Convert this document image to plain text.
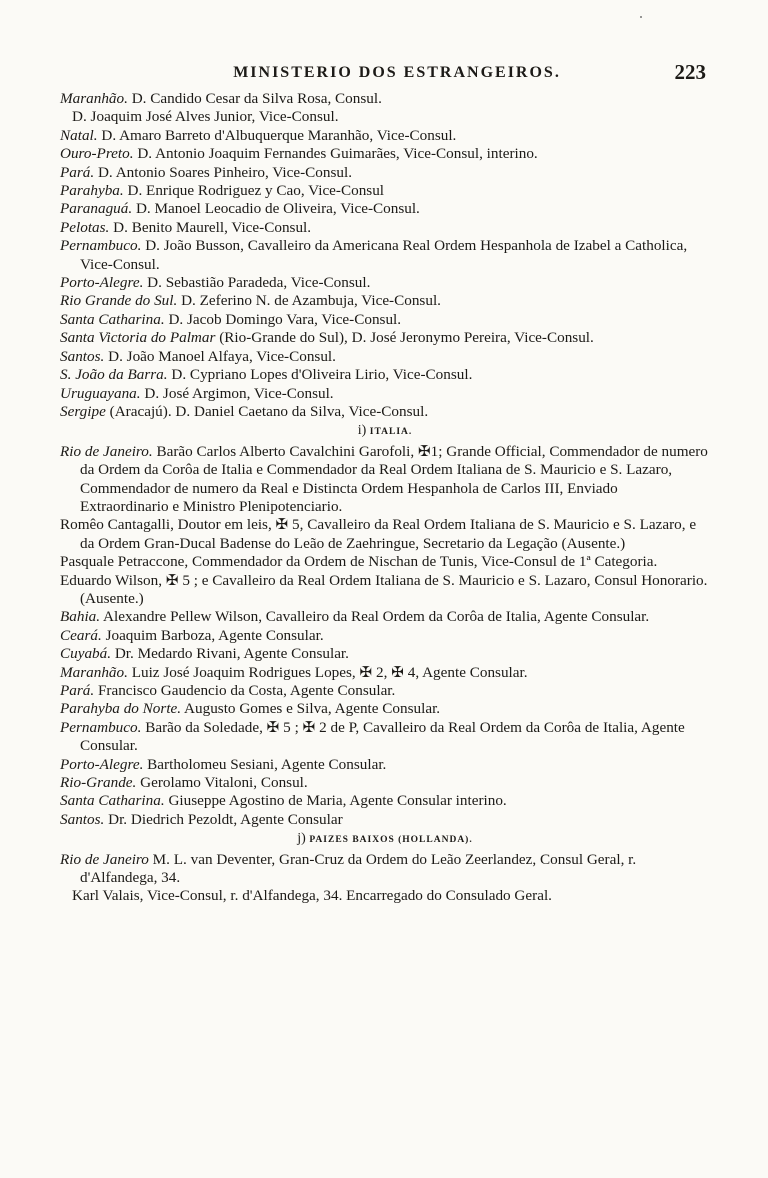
MINISTERIO DOS ESTRANGEIROS.	223

Maranhão. D. Candido Cesar da Silva Rosa, Consul.

D. Joaquim José Alves Junior, Vice-Consul.

Natal. D. Amaro Barreto d'Albuquerque Maranhão, Vice-Consul.

Ouro-Preto. D. Antonio Joaquim Fernandes Guimarães, Vice-Consul, interino.

Pará. D. Antonio Soares Pinheiro, Vice-Consul.

Parahyba. D. Enrique Rodriguez y Cao, Vice-Consul

Paranaguá. D. Manoel Leocadio de Oliveira, Vice-Consul.

Pelotas. D. Benito Maurell, Vice-Consul.

Pernambuco. D. João Busson, Cavalleiro da Americana Real Ordem Hespanhola de Izabel a Catholica, Vice-Consul.

Porto-Alegre. D. Sebastião Paradeda, Vice-Consul.

Rio Grande do Sul. D. Zeferino N. de Azambuja, Vice-Consul.

Santa Catharina. D. Jacob Domingo Vara, Vice-Consul.

Santa Victoria do Palmar (Rio-Grande do Sul), D. José Jeronymo Pereira, Vice-Consul.

Santos. D. João Manoel Alfaya, Vice-Consul.

S. João da Barra. D. Cypriano Lopes d'Oliveira Lirio, Vice-Consul.

Uruguayana. D. José Argimon, Vice-Consul.

Sergipe (Aracajú). D. Daniel Caetano da Silva, Vice-Consul.

i) ITALIA.

Rio de Janeiro. Barão Carlos Alberto Cavalchini Garofoli, ✠1; Grande Official, Commendador de numero da Ordem da Corôa de Italia e Commendador da Real Ordem Italiana de S. Mauricio e S. Lazaro, Commendador de numero da Real e Distincta Ordem Hespanhola de Carlos III, Enviado Extraordinario e Ministro Plenipotenciario.

Romêo Cantagalli, Doutor em leis, ✠ 5, Cavalleiro da Real Ordem Italiana de S. Mauricio e S. Lazaro, e da Ordem Gran-Ducal Badense do Leão de Zaehringue, Secretario da Legação (Ausente.)

Pasquale Petraccone, Commendador da Ordem de Nischan de Tunis, Vice-Consul de 1ª Categoria.

Eduardo Wilson, ✠ 5 ; e Cavalleiro da Real Ordem Italiana de S. Mauricio e S. Lazaro, Consul Honorario. (Ausente.)

Bahia. Alexandre Pellew Wilson, Cavalleiro da Real Ordem da Corôa de Italia, Agente Consular.

Ceará. Joaquim Barboza, Agente Consular.

Cuyabá. Dr. Medardo Rivani, Agente Consular.

Maranhão. Luiz José Joaquim Rodrigues Lopes, ✠ 2, ✠ 4, Agente Consular.

Pará. Francisco Gaudencio da Costa, Agente Consular.

Parahyba do Norte. Augusto Gomes e Silva, Agente Consular.

Pernambuco. Barão da Soledade, ✠ 5 ; ✠ 2 de P, Cavalleiro da Real Ordem da Corôa de Italia, Agente Consular.

Porto-Alegre. Bartholomeu Sesiani, Agente Consular.

Rio-Grande. Gerolamo Vitaloni, Consul.

Santa Catharina. Giuseppe Agostino de Maria, Agente Consular interino.

Santos. Dr. Diedrich Pezoldt, Agente Consular

j) PAIZES BAIXOS (HOLLANDA).

Rio de Janeiro M. L. van Deventer, Gran-Cruz da Ordem do Leão Zeerlandez, Consul Geral, r. d'Alfandega, 34.

Karl Valais, Vice-Consul, r. d'Alfandega, 34. Encarregado do Consulado Geral.
